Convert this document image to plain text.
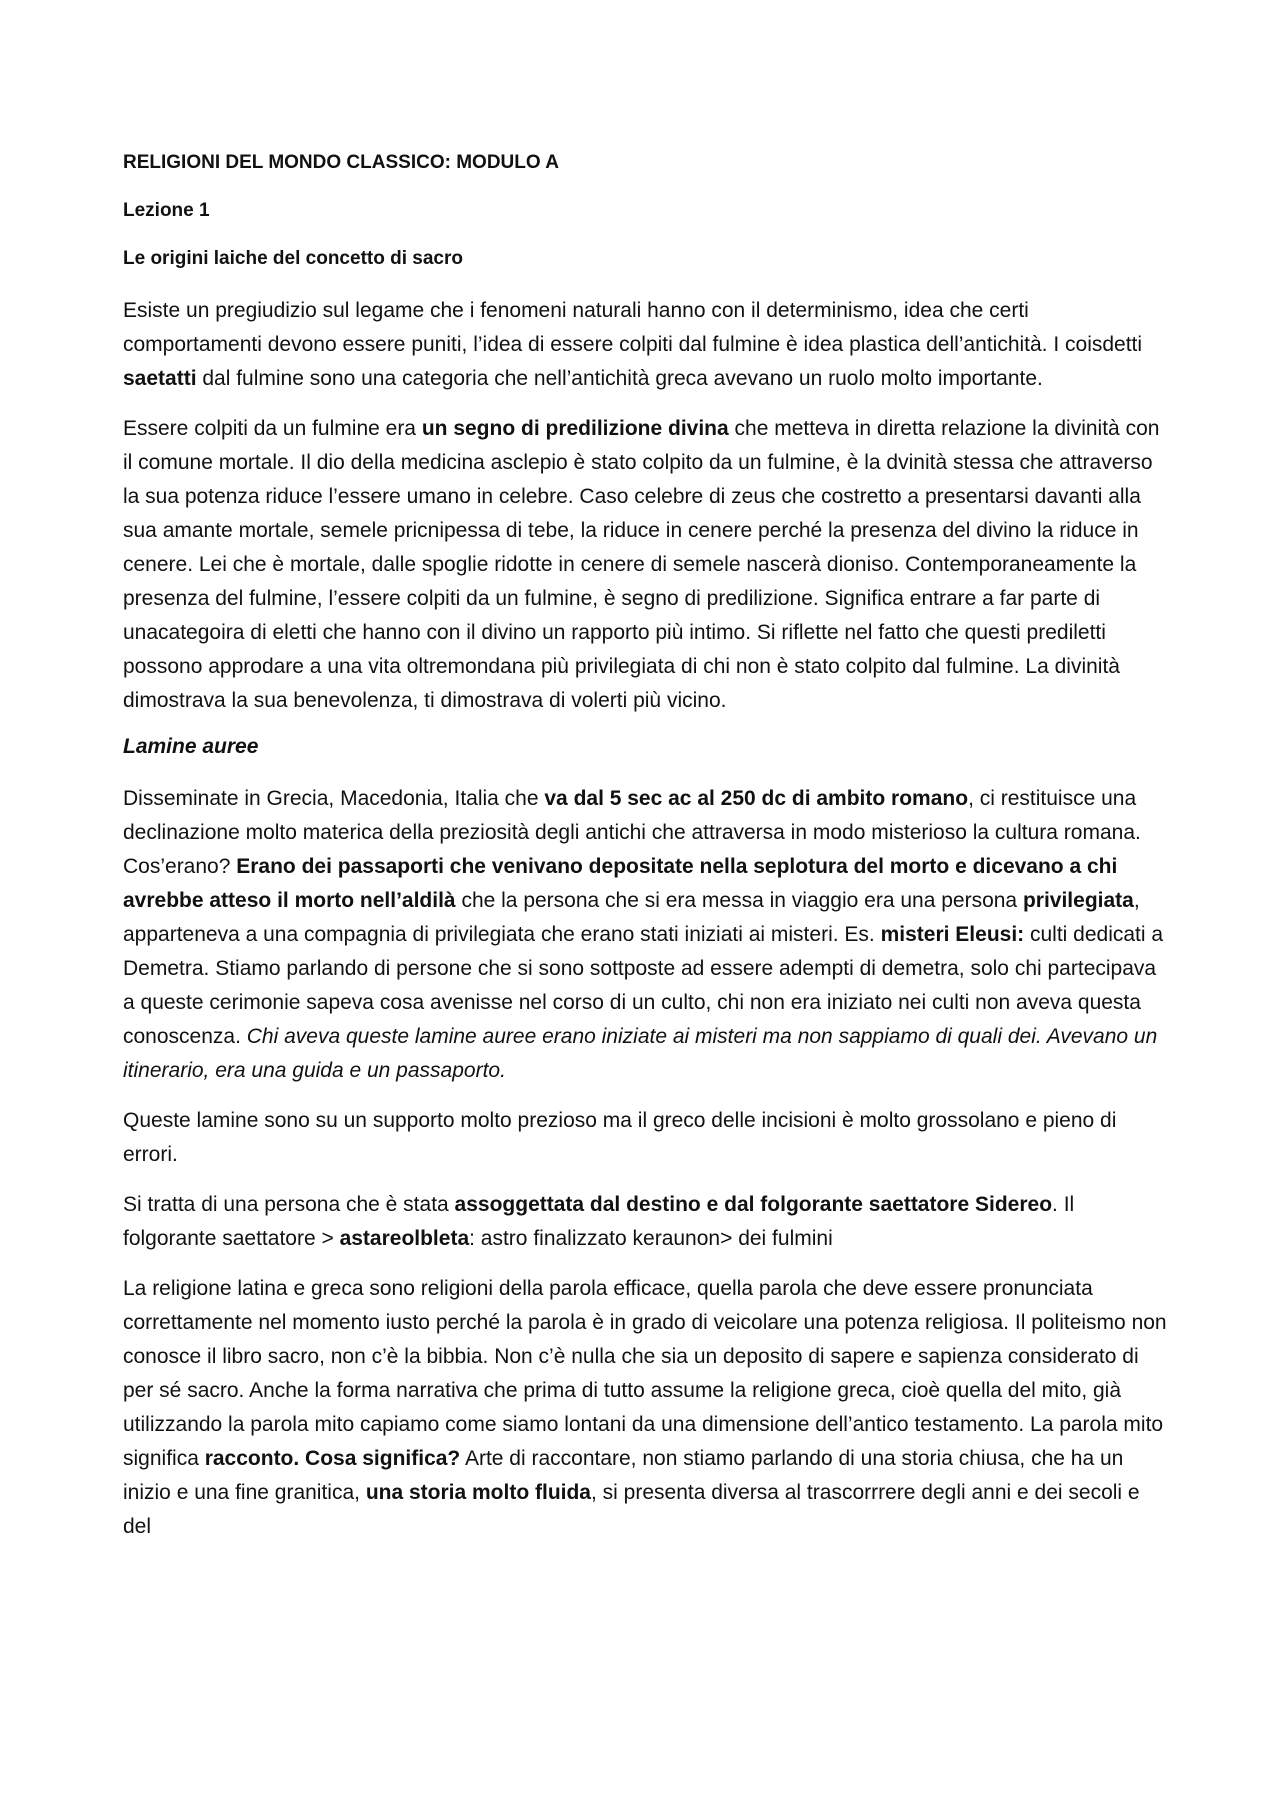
RELIGIONI DEL MONDO CLASSICO: MODULO A
Lezione 1
Le origini laiche del concetto di sacro

Esiste un pregiudizio sul legame che i fenomeni naturali hanno con il determinismo, idea che certi comportamenti devono essere puniti, l’idea di essere colpiti dal fulmine è idea plastica dell’antichità. I coisdetti saetatti dal fulmine sono una categoria che nell’antichità greca avevano un ruolo molto importante.

Essere colpiti da un fulmine era un segno di predilizione divina che metteva in diretta relazione la divinità con il comune mortale. Il dio della medicina asclepio è stato colpito da un fulmine, è la dvinità stessa che attraverso la sua potenza riduce l’essere umano in celebre. Caso celebre di zeus che costretto a presentarsi davanti alla sua amante mortale, semele pricnipessa di tebe, la riduce in cenere perché la presenza del divino la riduce in cenere. Lei che è mortale, dalle spoglie ridotte in cenere di semele nascerà dioniso. Contemporaneamente la presenza del fulmine, l’essere colpiti da un fulmine, è segno di predilizione. Significa entrare a far parte di unacategoira di eletti che hanno con il divino un rapporto più intimo. Si riflette nel fatto che questi prediletti possono approdare a una vita oltremondana più privilegiata di chi non è stato colpito dal fulmine. La divinità dimostrava la sua benevolenza, ti dimostrava di volerti più vicino.

Lamine auree

Disseminate in Grecia, Macedonia, Italia che va dal 5 sec ac al 250 dc di ambito romano, ci restituisce una declinazione molto materica della preziosità degli antichi che attraversa in modo misterioso la cultura romana. Cos’erano? Erano dei passaporti che venivano depositate nella seplotura del morto e dicevano a chi avrebbe atteso il morto nell’aldilà che la persona che si era messa in viaggio era una persona privilegiata, apparteneva a una compagnia di privilegiata che erano stati iniziati ai misteri. Es. misteri Eleusi: culti dedicati a Demetra. Stiamo parlando di persone che si sono sottposte ad essere adempti di demetra, solo chi partecipava a queste cerimonie sapeva cosa avenisse nel corso di un culto, chi non era iniziato nei culti non aveva questa conoscenza. Chi aveva queste lamine auree erano iniziate ai misteri ma non sappiamo di quali dei. Avevano un itinerario, era una guida e un passaporto.

Queste lamine sono su un supporto molto prezioso ma il greco delle incisioni è molto grossolano e pieno di errori.

Si tratta di una persona che è stata assoggettata dal destino e dal folgorante saettatore Sidereo. Il folgorante saettatore > astareolbleta: astro finalizzato keraunon> dei fulmini

La religione latina e greca sono religioni della parola efficace, quella parola che deve essere pronunciata correttamente nel momento iusto perché la parola è in grado di veicolare una potenza religiosa. Il politeismo non conosce il libro sacro, non c’è la bibbia. Non c’è nulla che sia un deposito di sapere e sapienza considerato di per sé sacro. Anche la forma narrativa che prima di tutto assume la religione greca, cioè quella del mito, già utilizzando la parola mito capiamo come siamo lontani da una dimensione dell’antico testamento. La parola mito significa racconto. Cosa significa? Arte di raccontare, non stiamo parlando di una storia chiusa, che ha un inizio e una fine granitica, una storia molto fluida, si presenta diversa al trascorrrere degli anni e dei secoli e del
